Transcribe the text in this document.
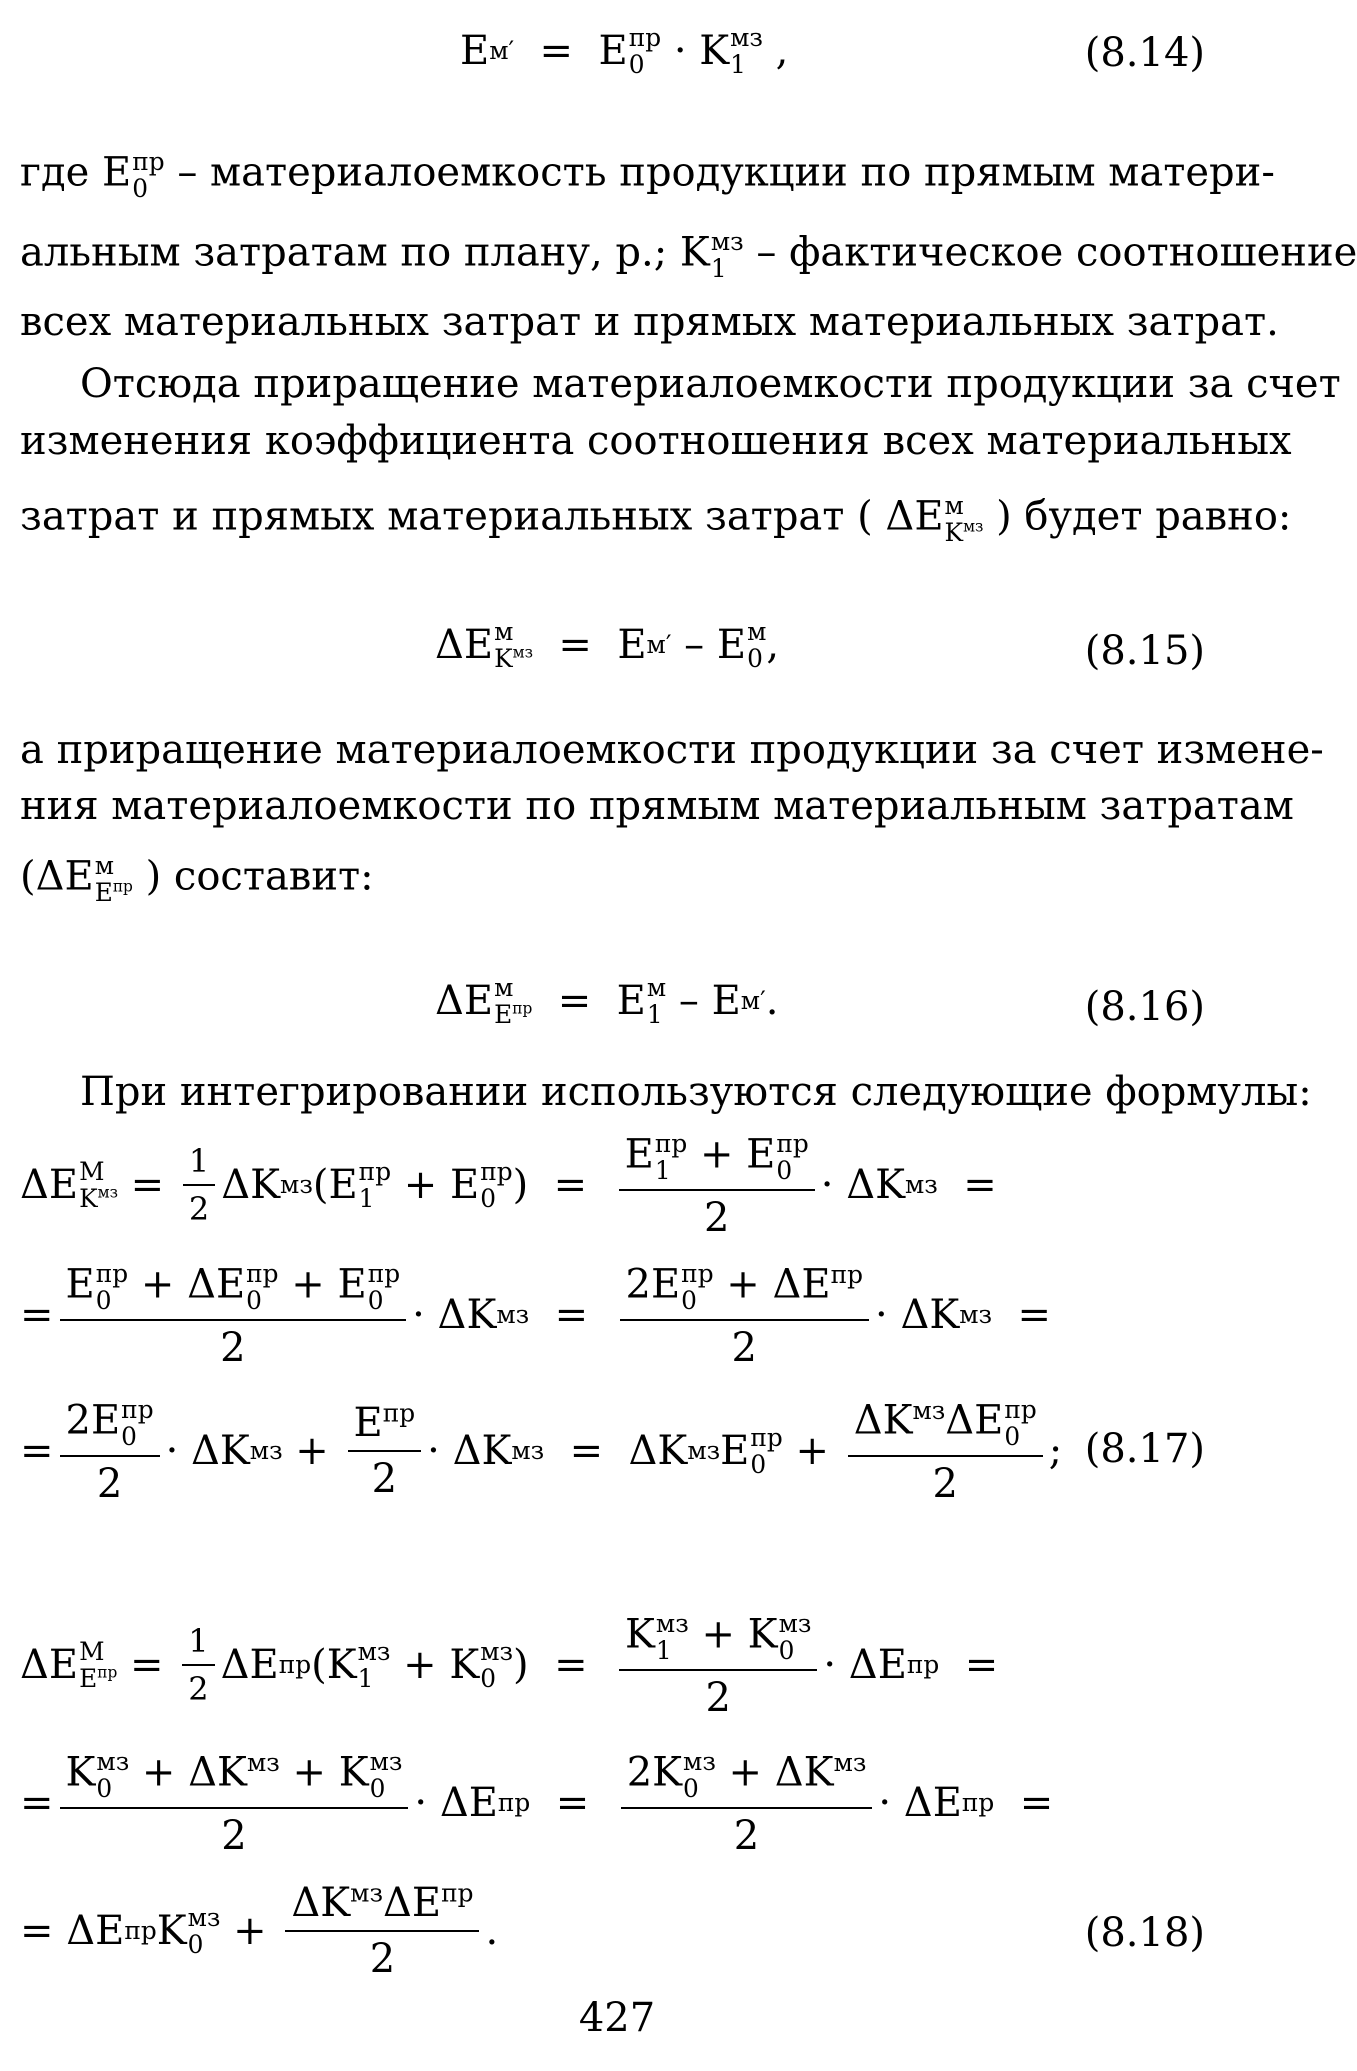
E м′ =  E пр
0 · K мз
1 ,	(8.14)
где E пр
0 – материалоемкость продукции по прямым матери-
альным затратам по плану, р.; K мз
1 – фактическое соотношение
всех материальных затрат и прямых материальных затрат.
Отсюда приращение материалоемкости продукции за счет
изменения коэффициента соотношения всех материальных
затрат и прямых материальных затрат ( ΔE м
$K^{мз}$ ) будет равно:
ΔE м
$K^{мз} = E$ м′ – E м
0 ,	(8.15)
а приращение материалоемкости продукции за счет измене-
ния материалоемкости по прямым материальным затратам
(ΔE м
$E^{пр}$ ) составит:
ΔE м
$E^{пр} = E$ м
1 – E м′ .	(8.16)
При интегрировании используются следующие формулы:
ΔE М
$K^{мз} = \frac{1}{2}$ ΔK мз (E пр
1 + E пр
0 )  = E пр
1 + E пр
0
2 · ΔK мз =
= E пр
0 + ΔE пр
0 + E пр
0
2 · ΔK мз = 2E пр
$0 + \Delta E^{пр}$
2 · ΔK мз =
= 2E пр
0
2 · ΔK мз + $\frac{E^{пр}}{2} \cdot \Delta K$ мз =  ΔK мз E пр
$0 + \Delta K^{мз}\Delta E$ пр
0
2 ; (8.17)
ΔE М
$E^{пр} = \frac{1}{2}$ ΔE пр (K мз
1 + K мз
0 )  = K мз
1 + K мз
0
2 · ΔE пр =
= K мз
$0 + \Delta K^{мз} + K$ мз
0
2 · ΔE пр = 2K мз
$0 + \Delta K^{мз}$
2 · ΔE пр =
= ΔE пр K мз
$0 + \frac{\Delta K^{мз}\Delta E^{пр}}{2}$ .	(8.18)
427
